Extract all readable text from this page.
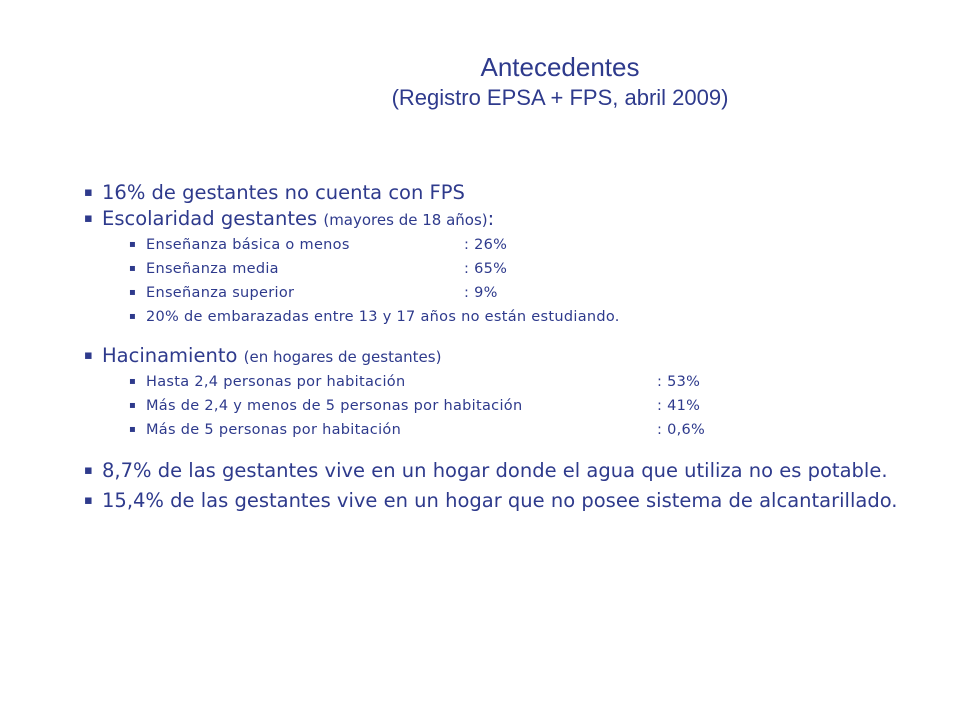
Antecedentes
(Registro EPSA + FPS, abril 2009)
▪ 16% de gestantes no cuenta con FPS
▪ Escolaridad gestantes (mayores de 18 años):
▪ Enseñanza básica o menos	: 26%
▪ Enseñanza media	: 65%
▪ Enseñanza superior	: 9%
▪ 20% de embarazadas entre 13 y 17 años no están estudiando.
▪ Hacinamiento (en hogares de gestantes)
▪ Hasta 2,4 personas por habitación	: 53%
▪ Más de 2,4 y menos de 5 personas por habitación	: 41%
▪ Más de 5 personas por habitación	: 0,6%
▪ 8,7% de las gestantes vive en un hogar donde el agua que utiliza no es potable.
▪ 15,4% de las gestantes vive en un hogar que no posee sistema de alcantarillado.
